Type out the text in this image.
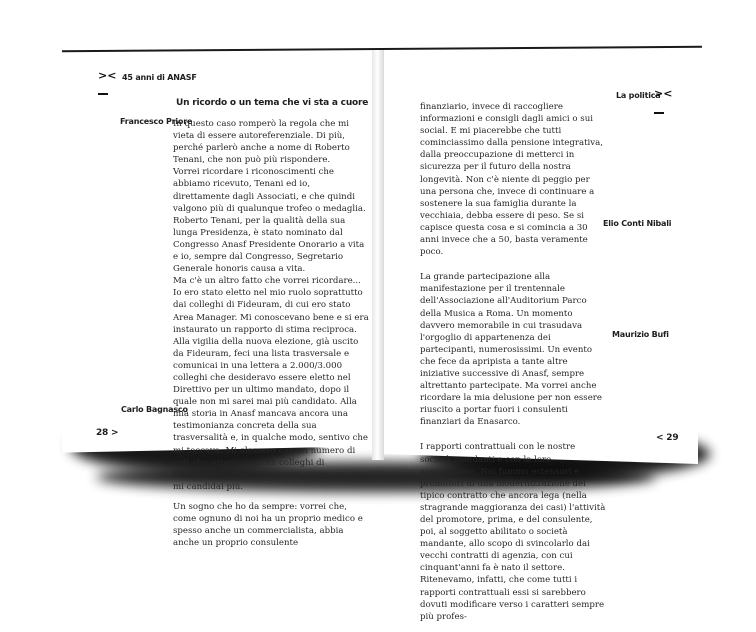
>< 45 anni di ANASF
Un ricordo o un tema che vi sta a cuore
Francesco Priore
Carlo Bagnasco

In questo caso romperò la regola che mi vieta di essere autoreferenziale. Di più, perché parlerò anche a nome di Roberto Tenani, che non può più rispondere.

Vorrei ricordare i riconoscimenti che abbiamo ricevuto, Tenani ed io, direttamente dagli Associati, e che quindi valgono più di qualunque trofeo o medaglia. Roberto Tenani, per la qualità della sua lunga Presidenza, è stato nominato dal Congresso Anasf Presidente Onorario a vita e io, sempre dal Congresso, Segretario Generale honoris causa a vita.

Ma c'è un altro fatto che vorrei ricordare... Io ero stato eletto nel mio ruolo soprattutto dai colleghi di Fideuram, di cui ero stato Area Manager. Mi conoscevano bene e si era instaurato un rapporto di stima reciproca. Alla vigilia della nuova elezione, già uscito da Fideuram, feci una lista trasversale e comunicai in una lettera a 2.000/3.000 colleghi che desideravo essere eletto nel Direttivo per un ultimo mandato, dopo il quale non mi sarei mai più candidato. Alla mia storia in Anasf mancava ancora una testimonianza concreta della sua trasversalità e, in qualche modo, sentivo che mi toccava. Mi elessero con un numero di voti che superava gli ex-colleghi di Fideuram e, in seguito, come promesso, non mi candidai più.

Un sogno che ho da sempre: vorrei che, come ognuno di noi ha un proprio medico e spesso anche un commercialista, abbia anche un proprio consulente

28 >
La politica
><
Elio Conti Nibali
Maurizio Bufi

finanziario, invece di raccogliere informazioni e consigli dagli amici o sui social. E mi piacerebbe che tutti cominciassimo dalla pensione integrativa, dalla preoccupazione di metterci in sicurezza per il futuro della nostra longevità. Non c'è niente di peggio per una persona che, invece di continuare a sostenere la sua famiglia durante la vecchiaia, debba essere di peso. Se si capisce questa cosa e si comincia a 30 anni invece che a 50, basta veramente poco.

La grande partecipazione alla manifestazione per il trentennale dell'Associazione all'Auditorium Parco della Musica a Roma. Un momento davvero memorabile in cui trasudava l'orgoglio di appartenenza dei partecipanti, numerosissimi. Un evento che fece da apripista a tante altre iniziative successive di Anasf, sempre altrettanto partecipate. Ma vorrei anche ricordare la mia delusione per non essere riuscito a portar fuori i consulenti finanziari da Enasarco.

I rapporti contrattuali con le nostre società mandanti e con la loro associazione. Noi fummo estensori e promotori di una modernizzazione del tipico contratto che ancora lega (nella stragrande maggioranza dei casi) l'attività del promotore, prima, e del consulente, poi, al soggetto abilitato o società mandante, allo scopo di svincolarlo dai vecchi contratti di agenzia, con cui cinquant'anni fa è nato il settore. Ritenevamo, infatti, che come tutti i rapporti contrattuali essi si sarebbero dovuti modificare verso i caratteri sempre più profes-

< 29
